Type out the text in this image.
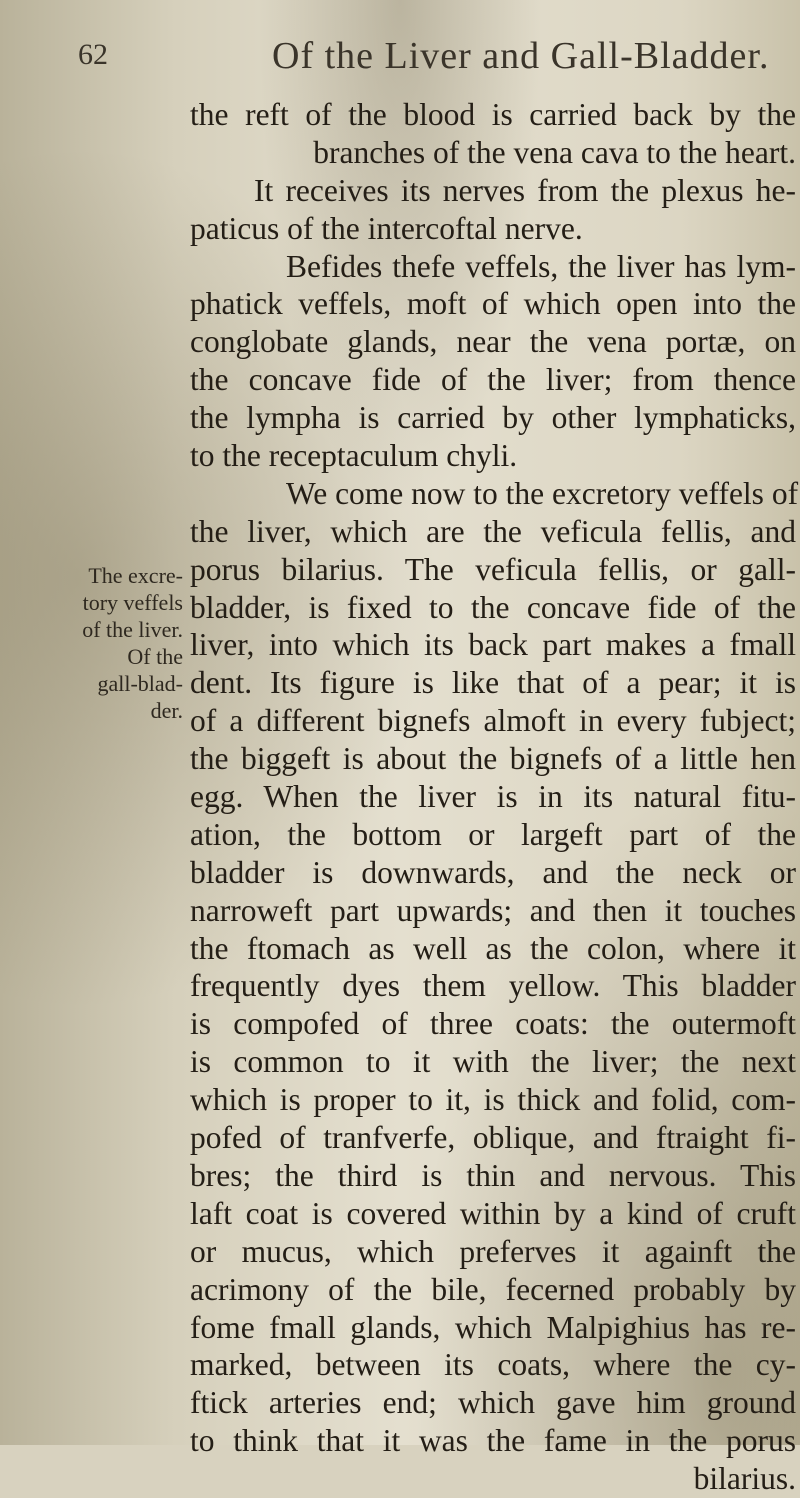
62	Of the Liver and Gall-Bladder.
The excre-
tory veffels
of the liver.
Of the
gall-blad-
der.
the reft of the blood is carried back by the
branches of the vena cava to the heart.
It receives its nerves from the plexus he-
paticus of the intercoftal nerve.
Befides thefe veffels, the liver has lym-
phatick veffels, moft of which open into the
conglobate glands, near the vena portæ, on
the concave fide of the liver; from thence
the lympha is carried by other lymphaticks,
to the receptaculum chyli.
We come now to the excretory veffels of
the liver, which are the veficula fellis, and
porus bilarius. The veficula fellis, or gall-
bladder, is fixed to the concave fide of the
liver, into which its back part makes a fmall
dent. Its figure is like that of a pear; it is
of a different bignefs almoft in every fubject;
the biggeft is about the bignefs of a little hen
egg. When the liver is in its natural fitu-
ation, the bottom or largeft part of the
bladder is downwards, and the neck or
narroweft part upwards; and then it touches
the ftomach as well as the colon, where it
frequently dyes them yellow. This bladder
is compofed of three coats: the outermoft
is common to it with the liver; the next
which is proper to it, is thick and folid, com-
pofed of tranfverfe, oblique, and ftraight fi-
bres; the third is thin and nervous. This
laft coat is covered within by a kind of cruft
or mucus, which preferves it againft the
acrimony of the bile, fecerned probably by
fome fmall glands, which Malpighius has re-
marked, between its coats, where the cy-
ftick arteries end; which gave him ground
to think that it was the fame in the porus
bilarius.
